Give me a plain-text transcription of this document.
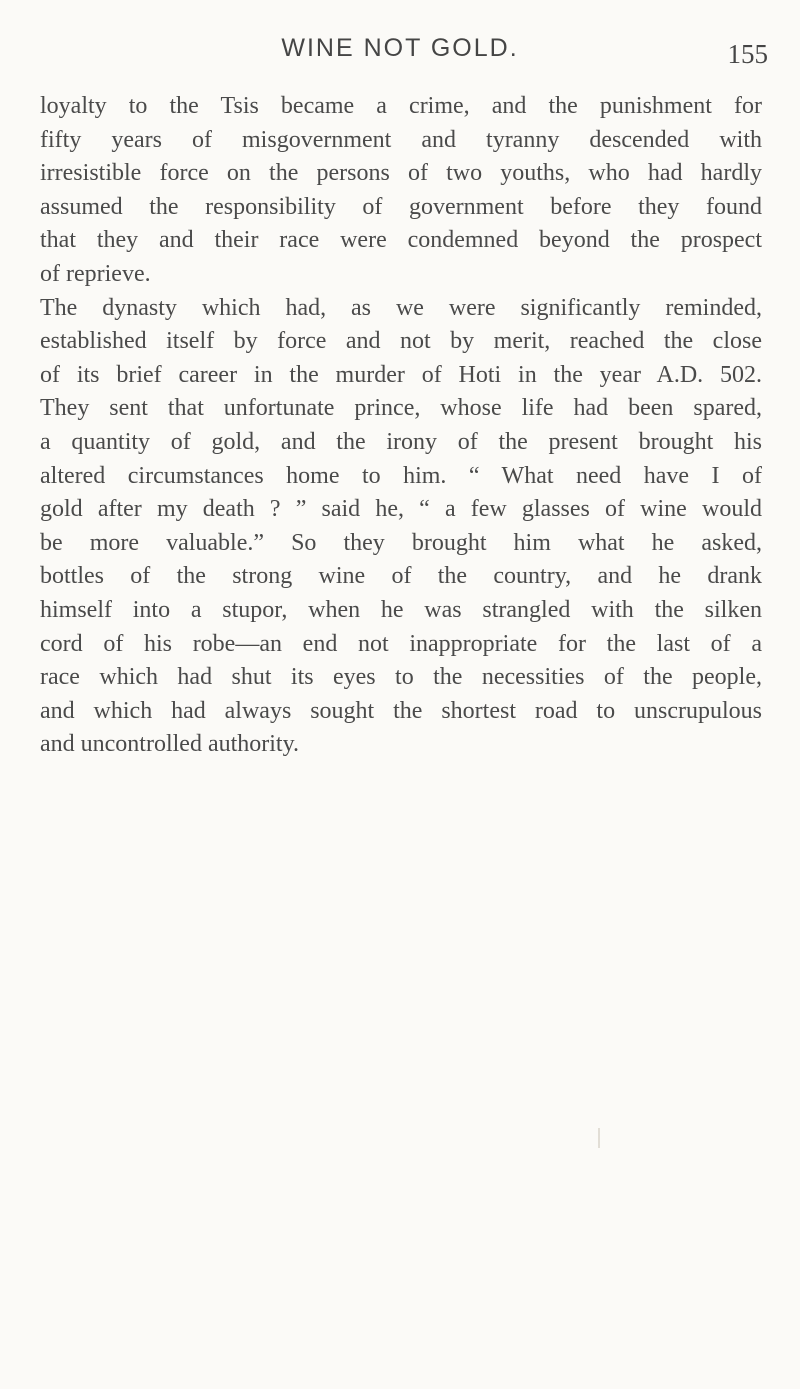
WINE NOT GOLD.	155
loyalty to the Tsis became a crime, and the punishment for
fifty years of misgovernment and tyranny descended with
irresistible force on the persons of two youths, who had hardly
assumed the responsibility of government before they found
that they and their race were condemned beyond the prospect
of reprieve.
The dynasty which had, as we were significantly reminded,
established itself by force and not by merit, reached the close
of its brief career in the murder of Hoti in the year A.D. 502.
They sent that unfortunate prince, whose life had been spared,
a quantity of gold, and the irony of the present brought his
altered circumstances home to him. “ What need have I of
gold after my death ? ” said he, “ a few glasses of wine would
be more valuable.” So they brought him what he asked,
bottles of the strong wine of the country, and he drank
himself into a stupor, when he was strangled with the silken
cord of his robe—an end not inappropriate for the last of a
race which had shut its eyes to the necessities of the people,
and which had always sought the shortest road to unscrupulous
and uncontrolled authority.
